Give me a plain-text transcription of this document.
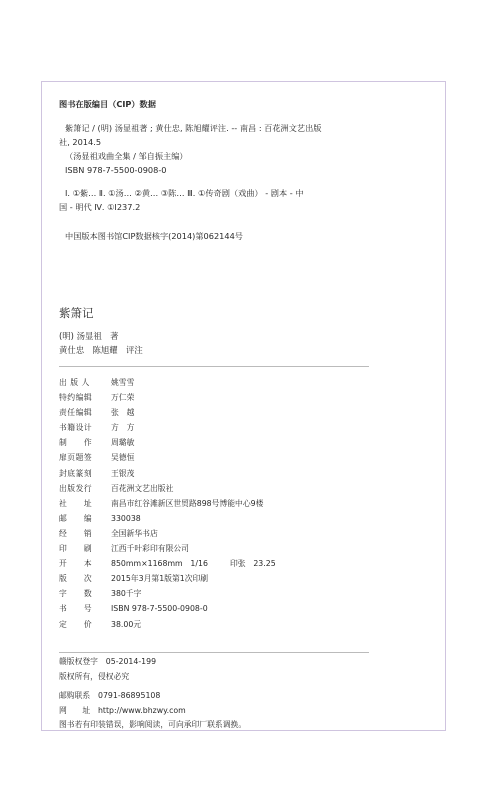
图书在版编目（CIP）数据

紫箫记 / (明) 汤显祖著 ; 黄仕忠, 陈旭耀评注. -- 南昌 : 百花洲文艺出版

社, 2014.5

（汤显祖戏曲全集 / 邹自振主编）

ISBN 978-7-5500-0908-0

Ⅰ. ①紫… Ⅱ. ①汤… ②黄… ③陈… Ⅲ. ①传奇剧（戏曲） - 剧本 - 中

国 - 明代 Ⅳ. ①I237.2

中国版本图书馆CIP数据核字(2014)第062144号

紫箫记
(明) 汤显祖　著
黄仕忠　陈旭耀　评注
出 版 人	姚雪雪
特约编辑	万仁荣
责任编辑	张　越
书籍设计	方　方
制　　作	周璐敏
扉页题签	吴德恒
封底篆刻	王银茂
出版发行	百花洲文艺出版社
社　　址	南昌市红谷滩新区世贸路898号博能中心9楼
邮　　编	330038
经　　销	全国新华书店
印　　刷	江西千叶彩印有限公司
开　　本	850mm×1168mm　1/16	印张　23.25
版　　次	2015年3月第1版第1次印刷
字　　数	380千字
书　　号	ISBN 978-7-5500-0908-0
定　　价	38.00元
赣版权登字　05-2014-199
版权所有，侵权必究
邮购联系　0791-86895108
网　　址　 http://www.bhzwy.com
图书若有印装错误，影响阅读，可向承印厂联系调换。
